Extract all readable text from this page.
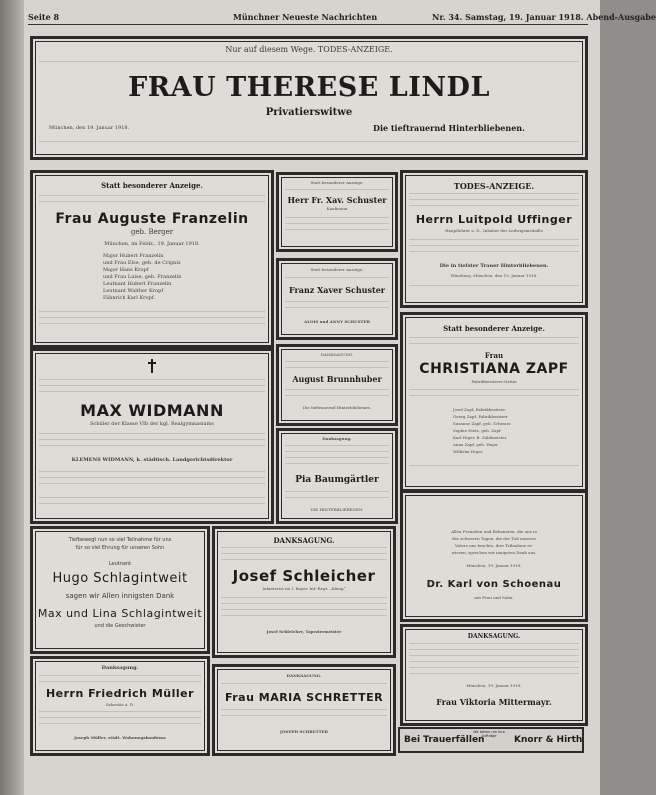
Seite 8	Münchner Neueste Nachrichten	Nr. 34. Samstag, 19. Januar 1918. Abend-Ausgabe
Nur auf diesem Wege. TODES-ANZEIGE.
FRAU THERESE LINDL
Privatierswitwe
München, den 19. Januar 1918.	Die tieftrauernd Hinterbliebenen.
Statt besonderer Anzeige.
Frau Auguste Franzelin
geb. Berger
München, im Feldz., 19. Januar 1918.
Major Hubert Franzelin
und Frau Else, geb. de Crignis
Major Hans Kropf
und Frau Luise, geb. Franzelin
Leutnant Hubert Franzelin
Leutnant Walther Kropf
Fähnrich Karl Kropf.
MAX WIDMANN
Schüler der Klasse VIb der kgl. Realgymnasiums
KLEMENS WIDMANN, k. städtisch. Landgerichtsdirektor
Statt besonderer Anzeige.
Herr Fr. Xav. Schuster
Kaufmann
Statt besonderer Anzeige.
Franz Xaver Schuster
ALOIS und ANNY SCHUSTER
DANKSAGUNG.
August Brunnhuber
Die tieftrauernd Hinterbliebenen.
Danksagung.
Pia Baumgärtler
DIE HINTERBLIEBENEN.
TODES-ANZEIGE.
Herrn Luitpold Uffinger
Hauptlehrer a. D., Inhaber der Ludwigsmedaille
Die in tiefster Trauer Hinterbliebenen.
Würzburg, München, den 19. Januar 1918.
Statt besonderer Anzeige.
Frau
CHRISTIANA ZAPF
Fabrikbesitzers-Gattin
Josef Zapf, Fabrikbesitzer
Georg Zapf, Fabrikbesitzer
Susanne Zapf, geb. Schwarz
Sophie Dietz, geb. Zapf
Karl Hujer, B. Zahlmeister
Anna Zapf, geb. Hujer
Wilhelm Hujer
Tiefbewegt nun so viel Teilnahme für uns
für so viel Ehrung für unseren Sohn
Leutnant
Hugo Schlagintweit
sagen wir Allen innigsten Dank
Max und Lina Schlagintweit
und die Geschwister
DANKSAGUNG.
Josef Schleicher
Infanterist im I. Bayer. Inf.-Regt. „König“
Josef Schleicher, Tapeziermeister
Allen Freunden und Bekannten, die uns in
der schweren Tagen, die der Tod unseres
Vaters uns brachte, ihre Teilnahme er-
wiesen, sprechen wir innigsten Dank aus.
München, 19. Januar 1918.
Dr. Karl von Schoenau
mit Frau und Sohn.
Danksagung.
Herrn Friedrich Müller
Sekretär a. D.
Joseph Müller, städt. Wohnungsbaufirma
DANKSAGUNG.
Frau MARIA SCHRETTER
JOSEPH SCHRETTER
DANKSAGUNG.
München, 19. Januar 1918.
Frau Viktoria Mittermayr.
Bei Trauerfällen
Wir bitten um Ihre Aufträge	Knorr & Hirth
